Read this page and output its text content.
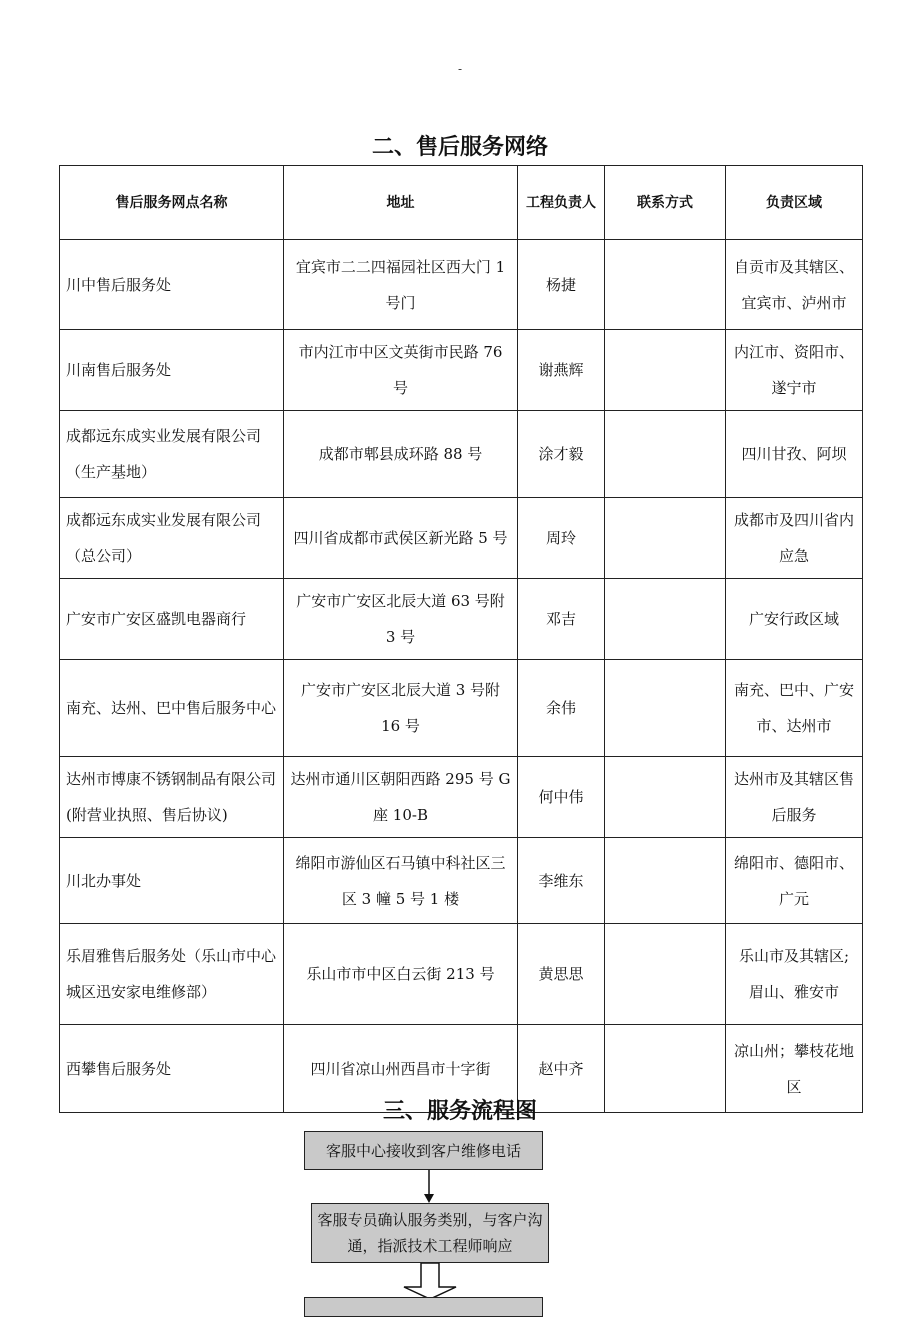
-
二、售后服务网络
售后服务网点名称	地址	工程负责人	联系方式	负责区域
川中售后服务处	宜宾市二二四福园社区西大门 1 号门	杨捷		自贡市及其辖区、宜宾市、泸州市
川南售后服务处	市内江市中区文英街市民路 76 号	谢燕辉		内江市、资阳市、遂宁市
成都远东成实业发展有限公司（生产基地）	成都市郫县成环路 88 号	涂才毅		四川甘孜、阿坝
成都远东成实业发展有限公司（总公司）	四川省成都市武侯区新光路 5 号	周玲		成都市及四川省内应急
广安市广安区盛凯电器商行	广安市广安区北辰大道 63 号附 3 号	邓吉		广安行政区域
南充、达州、巴中售后服务中心	广安市广安区北辰大道 3 号附 16 号	余伟		南充、巴中、广安市、达州市
达州市博康不锈钢制品有限公司(附营业执照、售后协议)	达州市通川区朝阳西路 295 号 G 座 10-B	何中伟		达州市及其辖区售后服务
川北办事处	绵阳市游仙区石马镇中科社区三区 3 幢 5 号 1 楼	李维东		绵阳市、德阳市、广元
乐眉雅售后服务处（乐山市中心城区迅安家电维修部）	乐山市市中区白云街 213 号	黄思思		乐山市及其辖区;眉山、雅安市
西攀售后服务处	四川省凉山州西昌市十字街	赵中齐		凉山州；攀枝花地区
三、服务流程图
客服中心接收到客户维修电话
客服专员确认服务类别，与客户沟通，指派技术工程师响应
